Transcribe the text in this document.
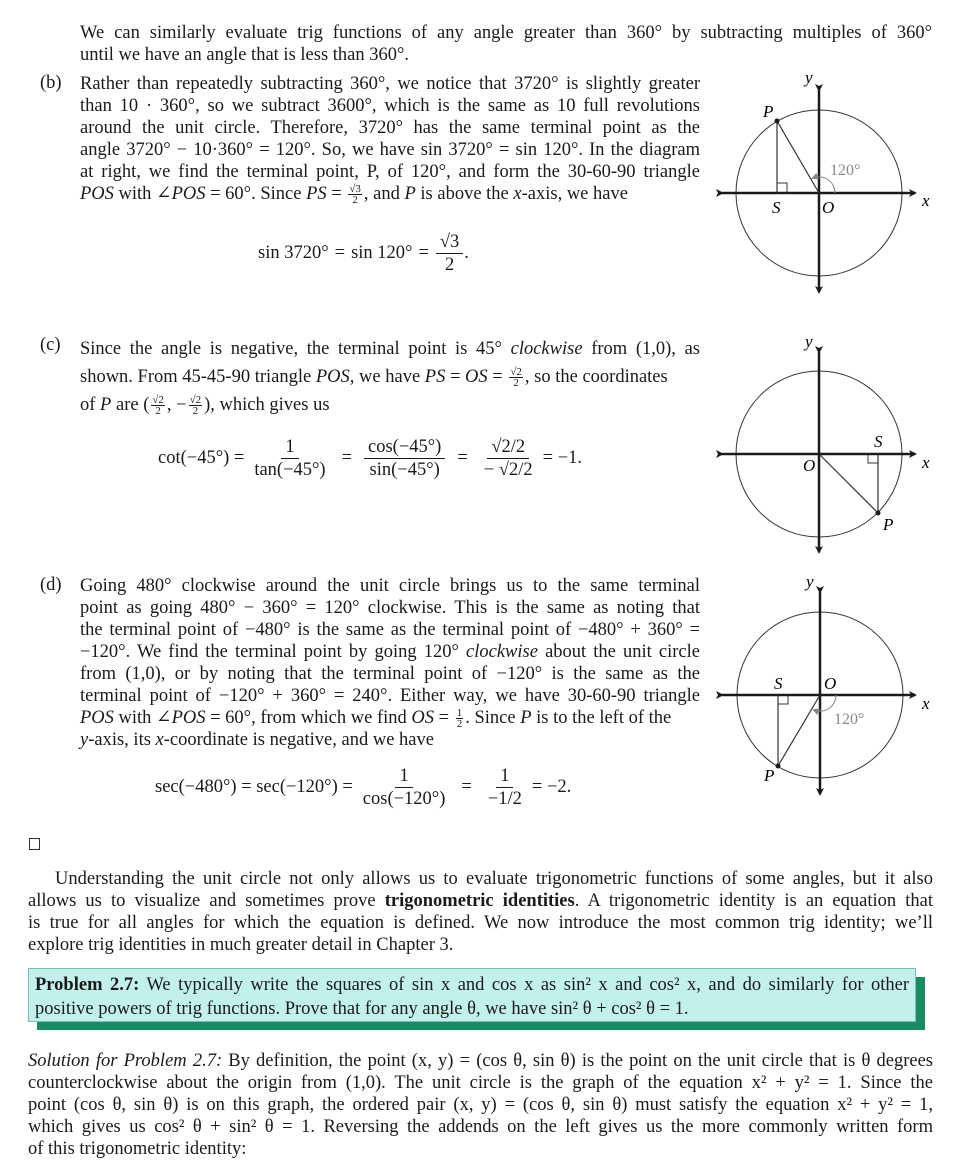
We can similarly evaluate trig functions of any angle greater than 360° by subtracting multiples of 360°
until we have an angle that is less than 360°.
(b) Rather than repeatedly subtracting 360°, we notice that 3720° is slightly greater
than 10 · 360°, so we subtract 3600°, which is the same as 10 full revolutions
around the unit circle. Therefore, 3720° has the same terminal point as the
angle 3720° − 10·360° = 120°. So, we have sin 3720° = sin 120°. In the diagram
at right, we find the terminal point, P, of 120°, and form the 30-60-90 triangle
POS with ∠POS = 60°. Since PS = $\frac{√3}{2}$ , and P is above the x-axis, we have
$\sin 3720^\circ = \sin 120^\circ = \frac{√3}{2}$ .
y
x
P
S O
120°
(c) Since the angle is negative, the terminal point is 45° clockwise from (1,0), as
shown. From 45-45-90 triangle POS, we have PS = OS = $\frac{√2}{2}$ , so the coordinates
of P are ( $\frac{√2}{2}$ , − $\frac{√2}{2}$ ), which gives us
$\cot(-45^\circ) = \frac{1}{\tan(-45^\circ)} = \frac{\cos(-45^\circ)}{\sin(-45^\circ)} = \frac{√2/2}{- √2/2} = -1$.
y
x
S
O
P
(d) Going 480° clockwise around the unit circle brings us to the same terminal
point as going 480° − 360° = 120° clockwise. This is the same as noting that
the terminal point of −480° is the same as the terminal point of −480° + 360° =
−120°. We find the terminal point by going 120° clockwise about the unit circle
from (1,0), or by noting that the terminal point of −120° is the same as the
terminal point of −120° + 360° = 240°. Either way, we have 30-60-90 triangle
POS with ∠POS = 60°, from which we find OS = $\frac{1}{2}$ . Since P is to the left of the
y-axis, its x-coordinate is negative, and we have
$\sec(-480^\circ) = \sec(-120^\circ) = \frac{1}{\cos(-120^\circ)} = \frac{1}{-1/2} = -2$.
y
x
S O
P
120°
Understanding the unit circle not only allows us to evaluate trigonometric functions of some angles, but it also
allows us to visualize and sometimes prove trigonometric identities. A trigonometric identity is an equation that
is true for all angles for which the equation is defined. We now introduce the most common trig identity; we’ll
explore trig identities in much greater detail in Chapter 3.
Problem 2.7: We typically write the squares of sin x and cos x as sin² x and cos² x, and do similarly for other
positive powers of trig functions. Prove that for any angle θ, we have sin² θ + cos² θ = 1.
Solution for Problem 2.7: By definition, the point (x, y) = (cos θ, sin θ) is the point on the unit circle that is θ degrees
counterclockwise about the origin from (1,0). The unit circle is the graph of the equation x² + y² = 1. Since the
point (cos θ, sin θ) is on this graph, the ordered pair (x, y) = (cos θ, sin θ) must satisfy the equation x² + y² = 1,
which gives us cos² θ + sin² θ = 1. Reversing the addends on the left gives us the more commonly written form
of this trigonometric identity:
